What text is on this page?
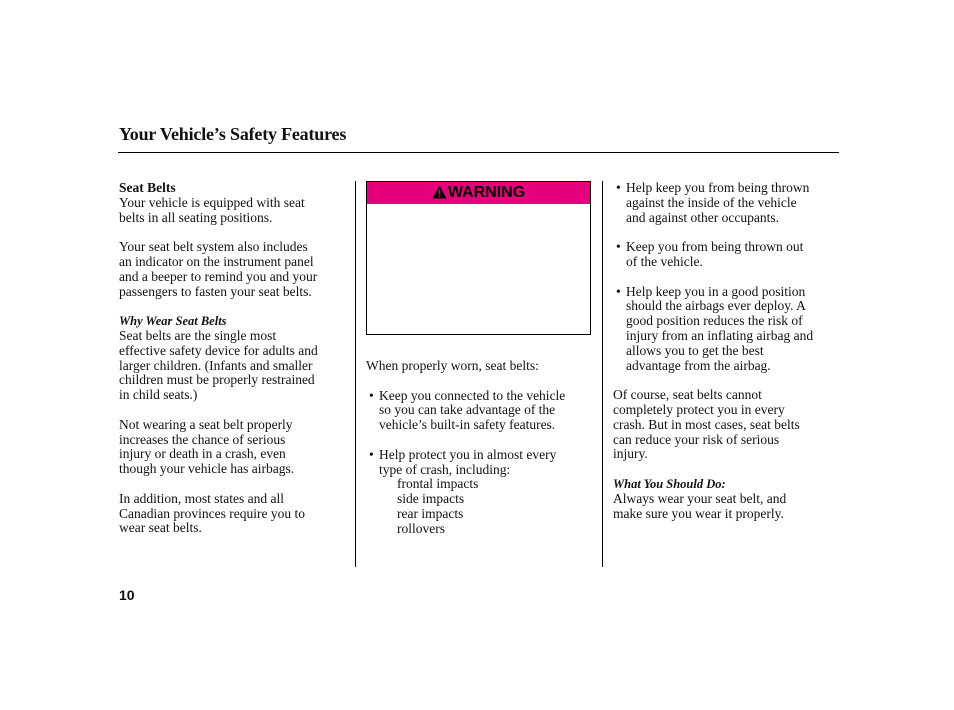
Your Vehicle’s Safety Features

Seat Belts

Your vehicle is equipped with seat

belts in all seating positions.

Your seat belt system also includes

an indicator on the instrument panel

and a beeper to remind you and your

passengers to fasten your seat belts.

Why Wear Seat Belts

Seat belts are the single most

effective safety device for adults and

larger children. (Infants and smaller

children must be properly restrained

in child seats.)

Not wearing a seat belt properly

increases the chance of serious

injury or death in a crash, even

though your vehicle has airbags.

In addition, most states and all

Canadian provinces require you to

wear seat belts.

WARNING

When properly worn, seat belts:

• Keep you connected to the vehicle

so you can take advantage of the

vehicle’s built-in safety features.

• Help protect you in almost every

type of crash, including:

frontal impacts

side impacts

rear impacts

rollovers

• Help keep you from being thrown

against the inside of the vehicle

and against other occupants.

• Keep you from being thrown out

of the vehicle.

• Help keep you in a good position

should the airbags ever deploy. A

good position reduces the risk of

injury from an inflating airbag and

allows you to get the best

advantage from the airbag.

Of course, seat belts cannot

completely protect you in every

crash. But in most cases, seat belts

can reduce your risk of serious

injury.

What You Should Do:

Always wear your seat belt, and

make sure you wear it properly.

10
